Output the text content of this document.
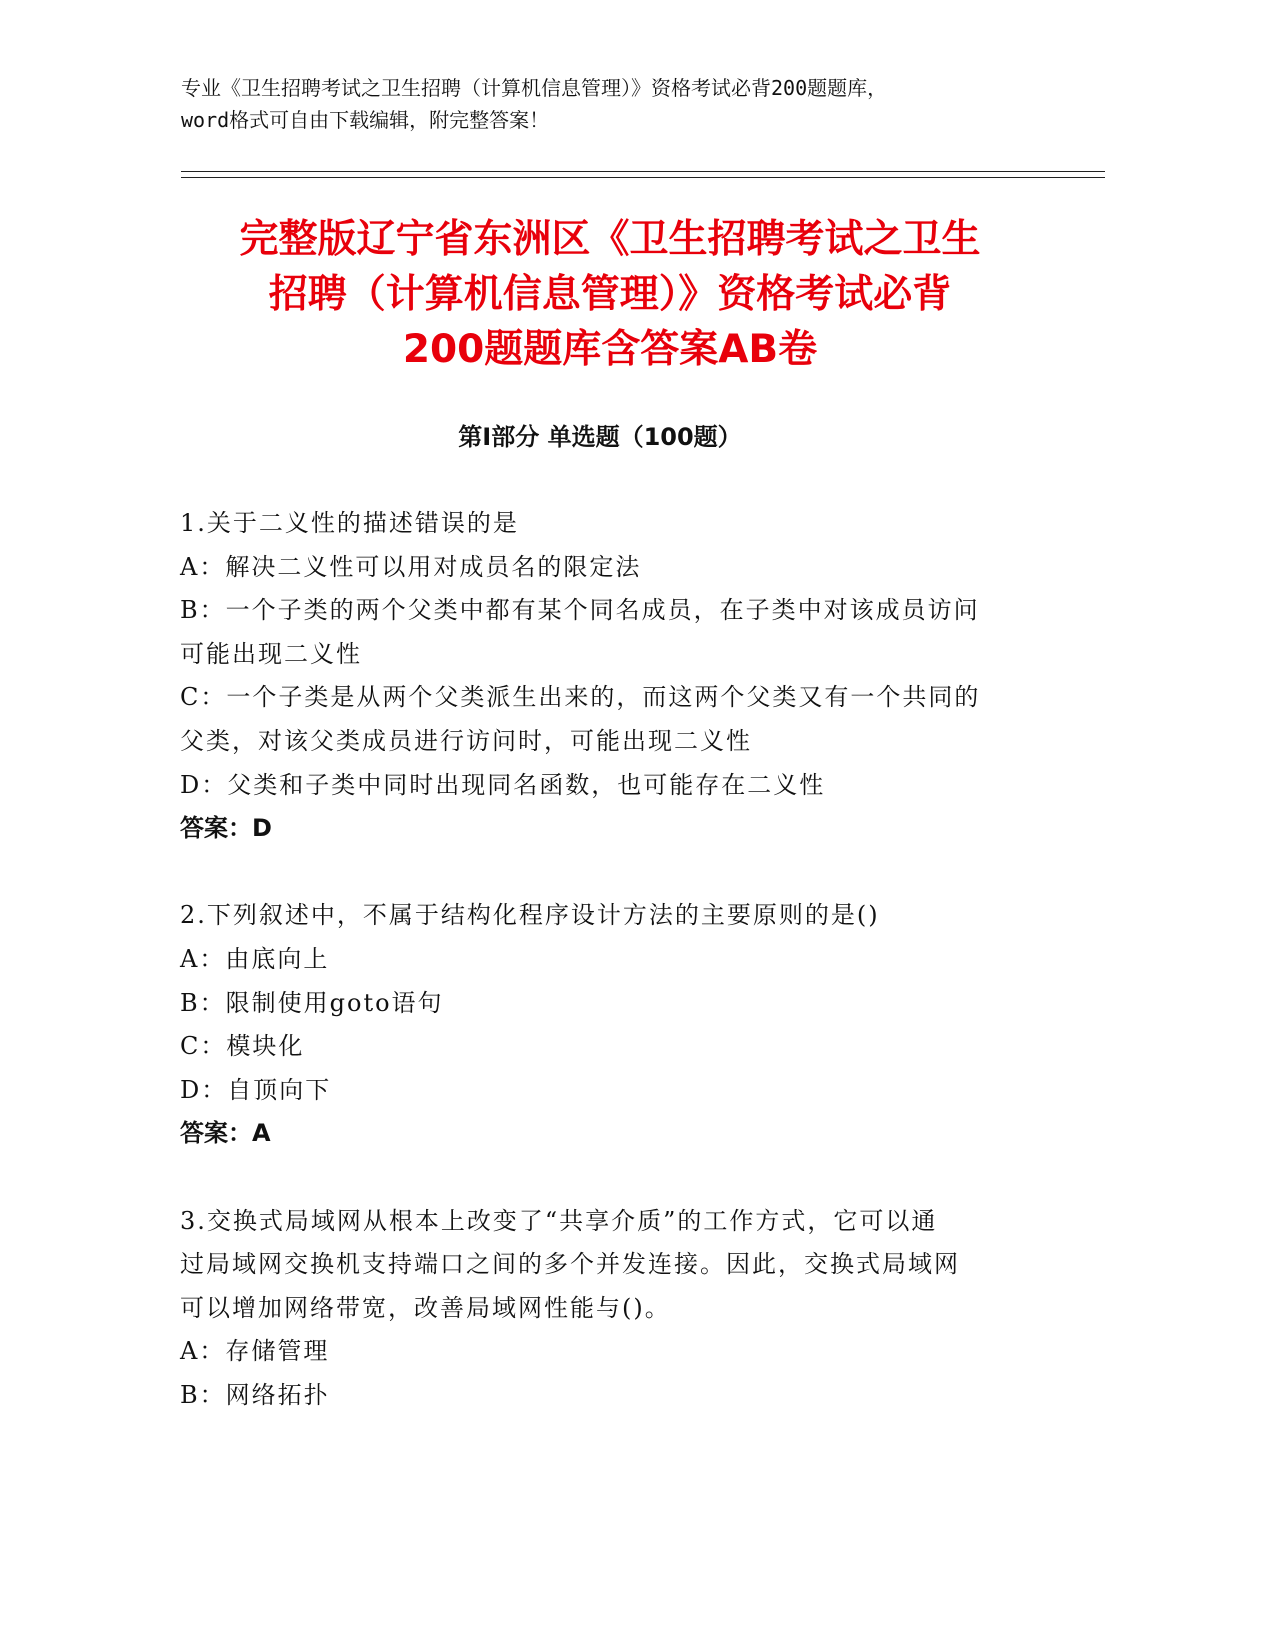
专业《卫生招聘考试之卫生招聘（计算机信息管理）》资格考试必背200题题库，
word格式可自由下载编辑，附完整答案！
完整版辽宁省东洲区《卫生招聘考试之卫生
招聘（计算机信息管理）》资格考试必背
200题题库含答案AB卷
第Ⅰ部分 单选题（100题）

1.关于二义性的描述错误的是

A：解决二义性可以用对成员名的限定法

B：一个子类的两个父类中都有某个同名成员，在子类中对该成员访问

可能出现二义性

C：一个子类是从两个父类派生出来的，而这两个父类又有一个共同的

父类，对该父类成员进行访问时，可能出现二义性

D：父类和子类中同时出现同名函数，也可能存在二义性

答案：D

2.下列叙述中，不属于结构化程序设计方法的主要原则的是()

A：由底向上

B：限制使用goto语句

C：模块化

D：自顶向下

答案：A

3.交换式局域网从根本上改变了“共享介质”的工作方式，它可以通

过局域网交换机支持端口之间的多个并发连接。因此，交换式局域网

可以增加网络带宽，改善局域网性能与()。

A：存储管理

B：网络拓扑
